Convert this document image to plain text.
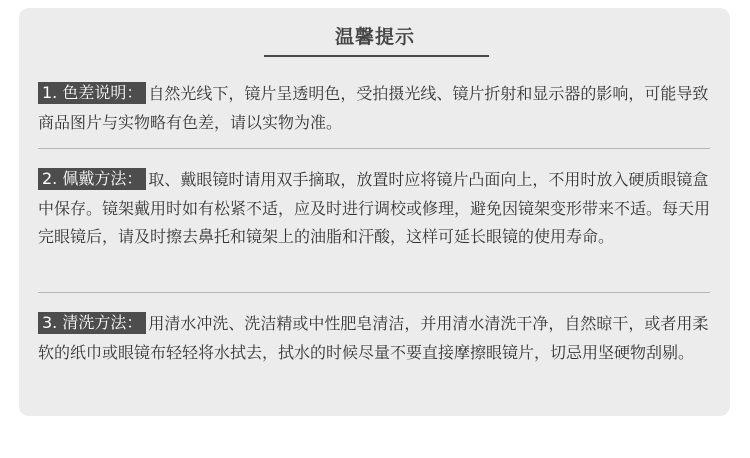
温馨提示
1. 色差说明： 自然光线下，镜片呈透明色，受拍摄光线、镜片折射和显示器的影响，可能导致商品图片与实物略有色差，请以实物为准。
2. 佩戴方法： 取、戴眼镜时请用双手摘取，放置时应将镜片凸面向上，不用时放入硬质眼镜盒中保存。镜架戴用时如有松紧不适，应及时进行调校或修理，避免因镜架变形带来不适。每天用完眼镜后，请及时擦去鼻托和镜架上的油脂和汗酸，这样可延长眼镜的使用寿命。
3. 清洗方法： 用清水冲洗、洗洁精或中性肥皂清洁，并用清水清洗干净，自然晾干，或者用柔软的纸巾或眼镜布轻轻将水拭去，拭水的时候尽量不要直接摩擦眼镜片，切忌用坚硬物刮剔。
